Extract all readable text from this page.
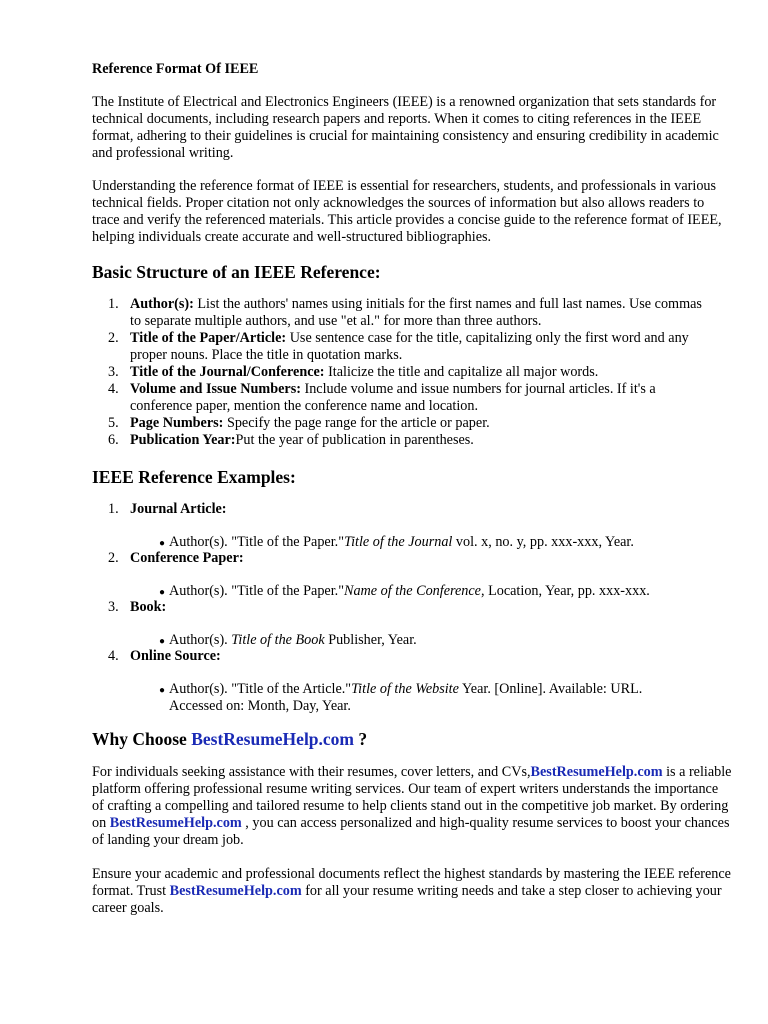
Reference Format Of IEEE

The Institute of Electrical and Electronics Engineers (IEEE) is a renowned organization that sets standards for technical documents, including research papers and reports. When it comes to citing references in the IEEE format, adhering to their guidelines is crucial for maintaining consistency and ensuring credibility in academic and professional writing.

Understanding the reference format of IEEE is essential for researchers, students, and professionals in various technical fields. Proper citation not only acknowledges the sources of information but also allows readers to trace and verify the referenced materials. This article provides a concise guide to the reference format of IEEE, helping individuals create accurate and well-structured bibliographies.

Basic Structure of an IEEE Reference:
1. Author(s): List the authors' names using initials for the first names and full last names. Use commas to separate multiple authors, and use "et al." for more than three authors.
2. Title of the Paper/Article: Use sentence case for the title, capitalizing only the first word and any proper nouns. Place the title in quotation marks.
3. Title of the Journal/Conference: Italicize the title and capitalize all major words.
4. Volume and Issue Numbers: Include volume and issue numbers for journal articles. If it's a conference paper, mention the conference name and location.
5. Page Numbers: Specify the page range for the article or paper.
6. Publication Year:Put the year of publication in parentheses.
IEEE Reference Examples:
1. Journal Article:
● Author(s). "Title of the Paper."Title of the Journal vol. x, no. y, pp. xxx-xxx, Year.
2. Conference Paper:
● Author(s). "Title of the Paper."Name of the Conference, Location, Year, pp. xxx-xxx.
3. Book:
● Author(s). Title of the Book Publisher, Year.
4. Online Source:
● Author(s). "Title of the Article."Title of the Website Year. [Online]. Available: URL.
Accessed on: Month, Day, Year.
Why Choose BestResumeHelp.com ?

For individuals seeking assistance with their resumes, cover letters, and CVs,BestResumeHelp.com is a reliable platform offering professional resume writing services. Our team of expert writers understands the importance of crafting a compelling and tailored resume to help clients stand out in the competitive job market. By ordering on BestResumeHelp.com , you can access personalized and high-quality resume services to boost your chances of landing your dream job.

Ensure your academic and professional documents reflect the highest standards by mastering the IEEE reference format. Trust BestResumeHelp.com for all your resume writing needs and take a step closer to achieving your career goals.
